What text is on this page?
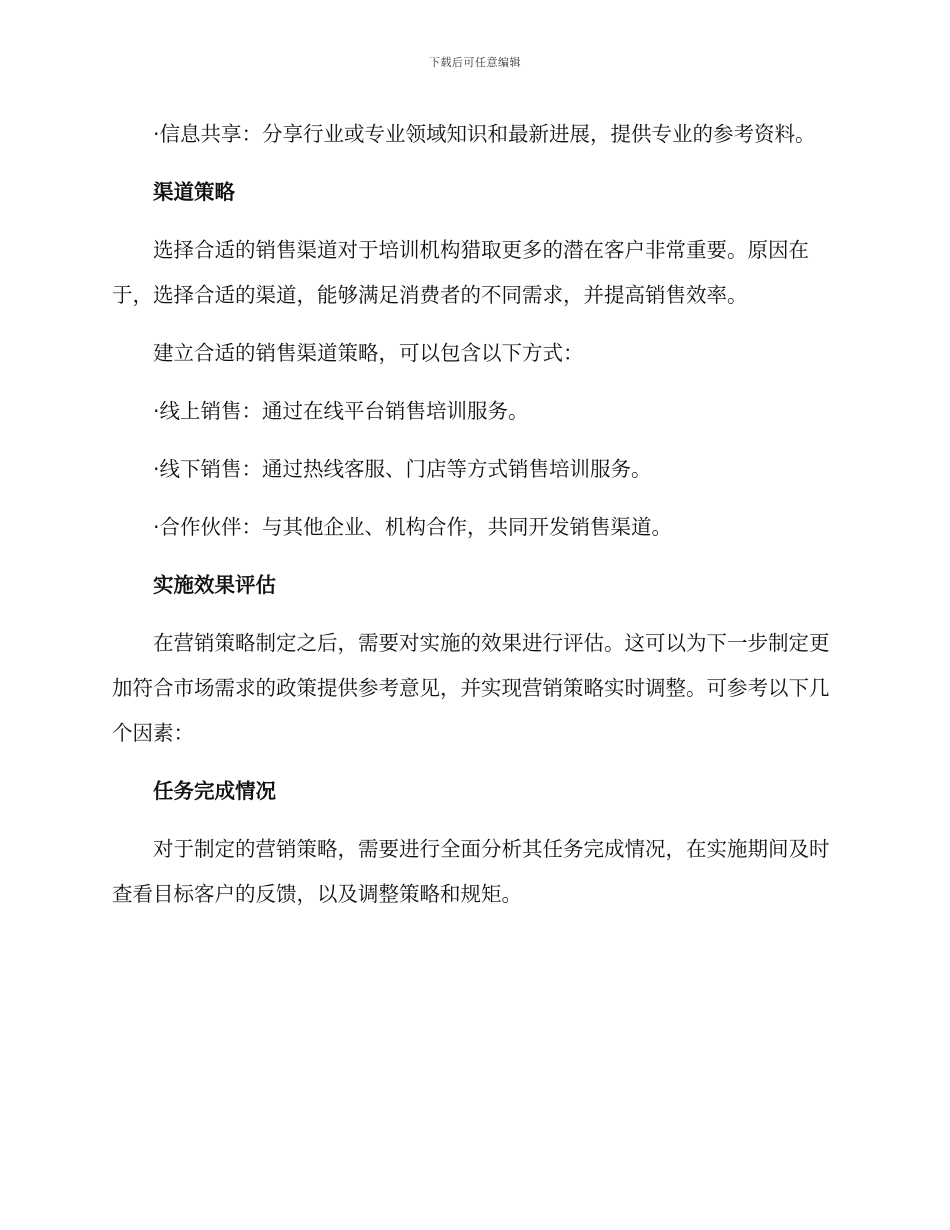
下载后可任意编辑

·信息共享：分享行业或专业领域知识和最新进展，提供专业的参考资料。

渠道策略

选择合适的销售渠道对于培训机构猎取更多的潜在客户非常重要。原因在于，选择合适的渠道，能够满足消费者的不同需求，并提高销售效率。

建立合适的销售渠道策略，可以包含以下方式：

·线上销售：通过在线平台销售培训服务。

·线下销售：通过热线客服、门店等方式销售培训服务。

·合作伙伴：与其他企业、机构合作，共同开发销售渠道。

实施效果评估

在营销策略制定之后，需要对实施的效果进行评估。这可以为下一步制定更加符合市场需求的政策提供参考意见，并实现营销策略实时调整。可参考以下几个因素：

任务完成情况

对于制定的营销策略，需要进行全面分析其任务完成情况，在实施期间及时查看目标客户的反馈，以及调整策略和规矩。
